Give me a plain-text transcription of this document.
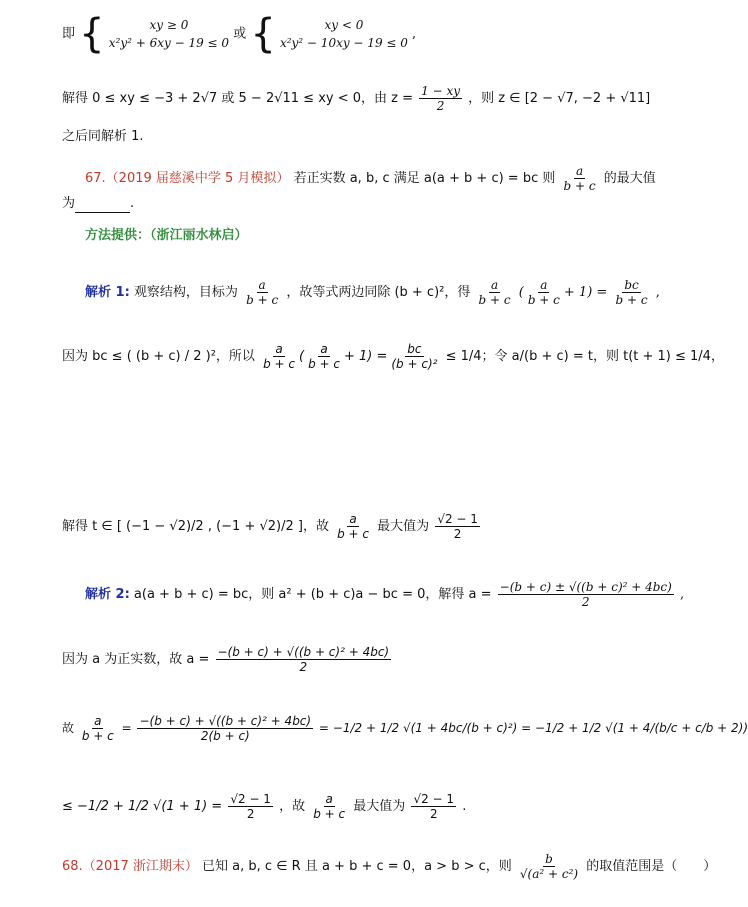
即 {	xy ≥ 0
x²y² + 6xy − 19 ≤ 0
或 {	xy < 0
x²y² − 10xy − 19 ≤ 0
,
解得 0 ≤ xy ≤ −3 + 2√7 或 5 − 2√11 ≤ xy < 0，由 $z = \frac{1 - xy}{2}$ ，则 z ∈ [2 − √7, −2 + √11]
之后同解析 1.
67.（2019 届慈溪中学 5 月模拟） 若正实数 a, b, c 满足 a(a + b + c) = bc 则 $\frac{a}{b + c}$ 的最大值
为	.
方法提供：（浙江丽水林启）
解析 1: 观察结构，目标为 $\frac{a}{b + c}$ ，故等式两边同除 (b + c)²，得 $\frac{a}{b + c}$ ( $\frac{a}{b + c} + 1) = \frac{bc}{b + c}$ ,
因为 bc ≤ ( (b + c) / 2 )²，所以 $\frac{a}{b + c}$ ( $\frac{a}{b + c} + 1) = \frac{bc}{\text{(b + c)²}} \le 1/4$；令 a/(b + c) = t，则 t(t + 1) ≤ 1/4，
解得 t ∈ [ (−1 − √2)/2 , (−1 + √2)/2 ]，故 $\frac{a}{b + c}$ 最大值为 $\frac{√2 - 1}{2}$
解析 2: a(a + b + c) = bc，则 a² + (b + c)a − bc = 0，解得 $a = \frac{\text{−(b + c) ± √((b + c)² + 4bc)}}{2}$ ,
因为 a 为正实数，故 $a = \frac{\text{−(b + c) + √((b + c)² + 4bc)}}{2}$
故 $\frac{a}{b + c} = \frac{\text{−(b + c) + √((b + c)² + 4bc)}}{2(b + c)} = -1/2 + 1/2$ √(1 + 4bc/(b + c)²) = −1/2 + 1/2 √(1 + 4/(b/c + c/b + 2))
≤ −1/2 + 1/2 $√(1 + 1) = \frac{√2 - 1}{2}$ ，故 $\frac{a}{b + c}$ 最大值为 $\frac{√2 - 1}{2}$ .
68.（2017 浙江期末） 已知 a, b, c ∈ R 且 a + b + c = 0，a > b > c，则 $\frac{b}{\text{√(a² + c²)}}$ 的取值范围是（　　）
